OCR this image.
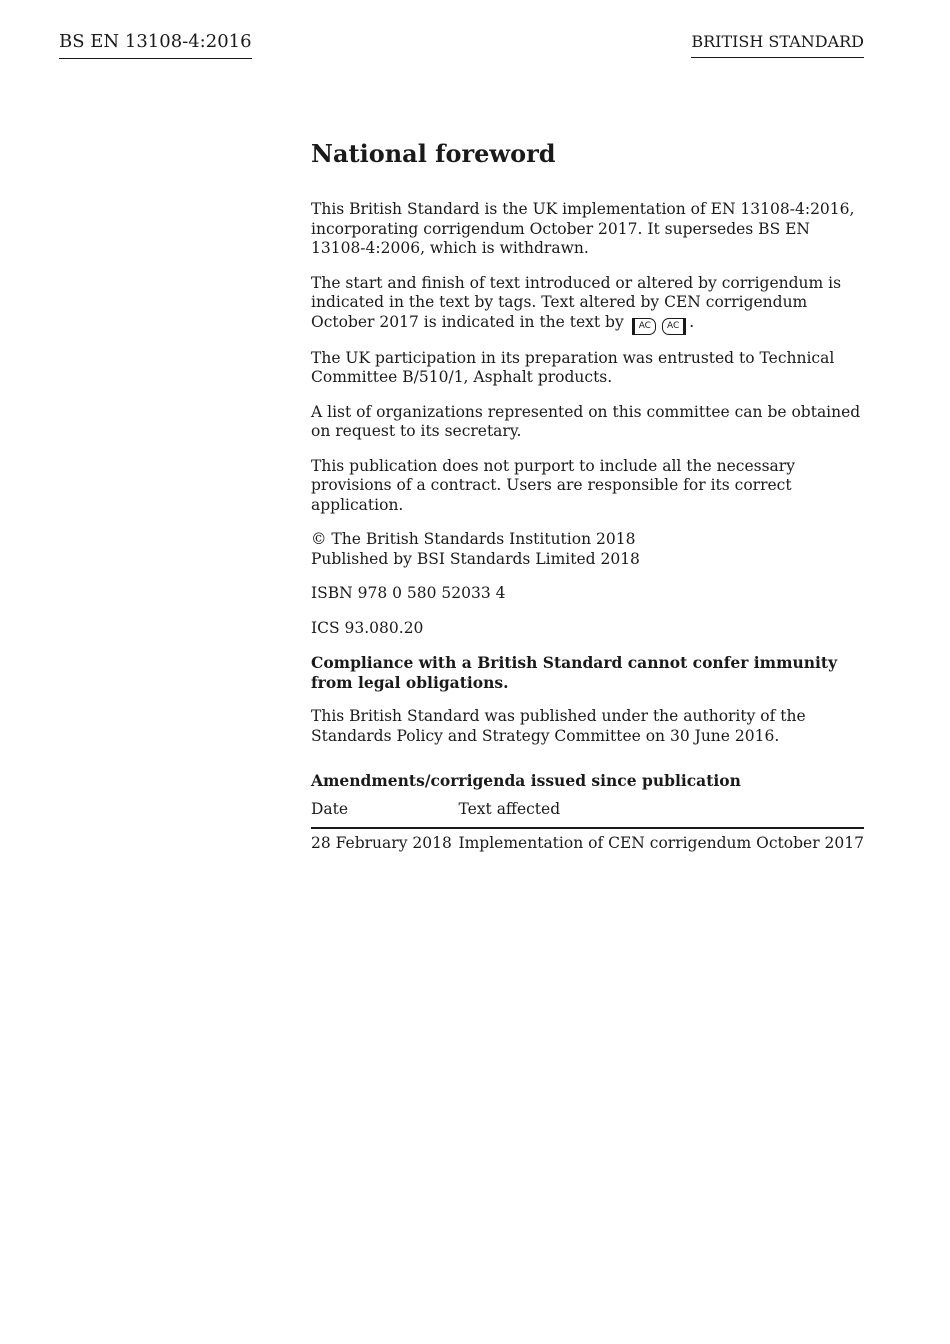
BS EN 13108-4:2016	BRITISH STANDARD
National foreword

This British Standard is the UK implementation of EN 13108-4:2016, incorporating corrigendum October 2017. It supersedes BS EN 13108-4:2006, which is withdrawn.

The start and finish of text introduced or altered by corrigendum is indicated in the text by tags. Text altered by CEN corrigendum October 2017 is indicated in the text by AC AC .

The UK participation in its preparation was entrusted to Technical Committee B/510/1, Asphalt products.

A list of organizations represented on this committee can be obtained on request to its secretary.

This publication does not purport to include all the necessary provisions of a contract. Users are responsible for its correct application.

© The British Standards Institution 2018
Published by BSI Standards Limited 2018

ISBN 978 0 580 52033 4

ICS 93.080.20

Compliance with a British Standard cannot confer immunity from legal obligations.

This British Standard was published under the authority of the Standards Policy and Strategy Committee on 30 June 2016.

Amendments/corrigenda issued since publication
Date	Text affected
28 February 2018	Implementation of CEN corrigendum October 2017
